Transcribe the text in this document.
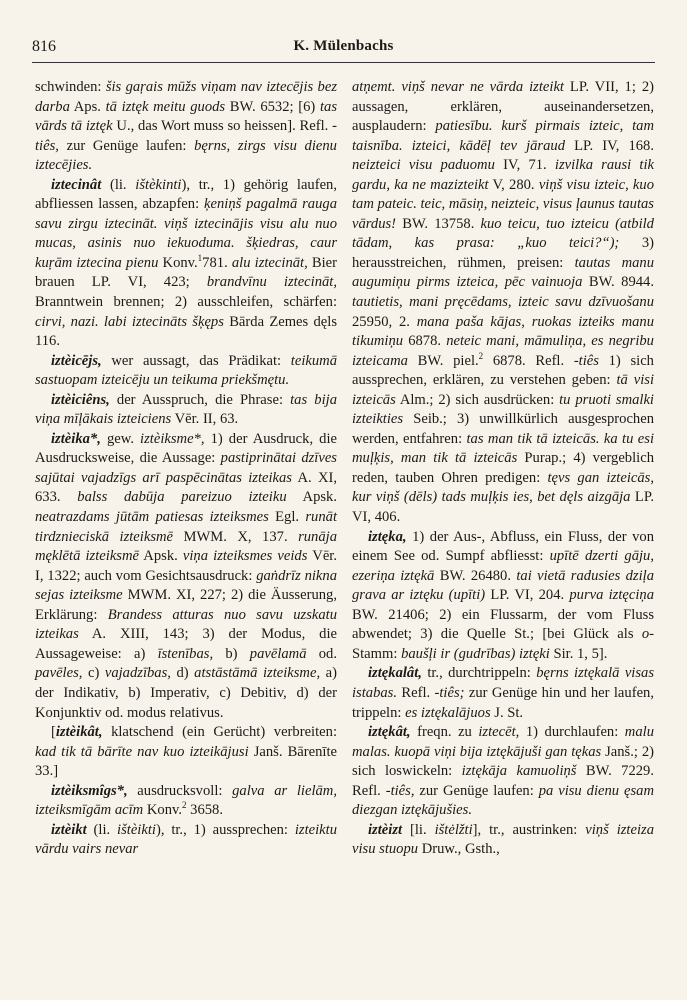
816	K. Mülenbachs

schwinden: šis gaŗais mūžs viņam nav iztecējis bez darba Aps. tā iztęk meitu guods BW. 6532; [6) tas vārds tā iztęk U., das Wort muss so heissen]. Refl. -tiês, zur Genüge laufen: bęrns, zirgs visu dienu iztecējies.

iztecinât (li. ištèkinti), tr., 1) gehörig laufen, abfliessen lassen, abzapfen: ķeniņš pagalmā rauga savu zirgu iztecināt. viņš iztecinājis visu alu nuo mucas, asinis nuo iekuoduma. šķiedras, caur kuŗām iztecina pienu Konv.$^1$781. alu iztecināt, Bier brauen LP. VI, 423; brandvīnu iztecināt, Branntwein brennen; 2) ausschleifen, schärfen: cirvi, nazi. labi iztecināts šķęps Bārda Zemes dęls 116.

iztèicējs, wer aussagt, das Prädikat: teikumā sastuopam izteicēju un teikuma priekšmętu.

iztèiciêns, der Ausspruch, die Phrase: tas bija viņa mīļākais izteiciens Vēr. II, 63.

iztèika*, gew. iztèiksme*, 1) der Ausdruck, die Ausdrucksweise, die Aussage: pastiprinātai dzīves sajūtai vajadzīgs arī paspēcinātas izteikas A. XI, 633. balss dabūja pareizuo izteiku Apsk. neatrazdams jūtām patiesas izteiksmes Egl. runāt tirdznieciskā izteiksmē MWM. X, 137. runāja męklētā izteiksmē Apsk. viņa izteiksmes veids Vēr. I, 1322; auch vom Gesichtsausdruck: gaṅdrīz nikna sejas izteiksme MWM. XI, 227; 2) die Äusserung, Erklärung: Brandess atturas nuo savu uzskatu izteikas A. XIII, 143; 3) der Modus, die Aussageweise: a) īstenības, b) pavēlamā od. pavēles, c) vajadzības, d) atstāstāmā izteiksme, a) der Indikativ, b) Imperativ, c) Debitiv, d) der Konjunktiv od. modus relativus.

[iztèikât, klatschend (ein Gerücht) verbreiten: kad tik tā bārīte nav kuo izteikājusi Janš. Bārenīte 33.]

iztèiksmîgs*, ausdrucksvoll: galva ar lielām, izteiksmīgām acīm Konv.$^2$ 3658.

iztèikt (li. ištèikti), tr., 1) aussprechen: izteiktu vārdu vairs nevar

atņemt. viņš nevar ne vārda izteikt LP. VII, 1; 2) aussagen, erklären, auseinandersetzen, ausplaudern: patiesību. kurš pirmais izteic, tam taisnība. izteici, kādēļ tev jāraud LP. IV, 168. neizteici visu paduomu IV, 71. izvilka rausi tik gardu, ka ne mazizteikt V, 280. viņš visu izteic, kuo tam pateic. teic, māsiņ, neizteic, visus ļaunus tautas vārdus! BW. 13758. kuo teicu, tuo izteicu (atbild tādam, kas prasa: „kuo teici?“); 3) herausstreichen, rühmen, preisen: tautas manu augumiņu pirms izteica, pēc vainuoja BW. 8944. tautietis, mani pręcēdams, izteic savu dzīvuošanu 25950, 2. mana paša kājas, ruokas izteiks manu tikumiņu 6878. neteic mani, māmuliņa, es negribu izteicama BW. piel.$^2$ 6878. Refl. -tiês 1) sich aussprechen, erklären, zu verstehen geben: tā visi izteicās Alm.; 2) sich ausdrücken: tu pruoti smalki izteikties Seib.; 3) unwillkürlich ausgesprochen werden, entfahren: tas man tik tā izteicās. ka tu esi muļķis, man tik tā izteicās Purap.; 4) vergeblich reden, tauben Ohren predigen: tęvs gan izteicās, kur viņš (dēls) tads muļķis ies, bet dęls aizgāja LP. VI, 406.

iztęka, 1) der Aus-, Abfluss, ein Fluss, der von einem See od. Sumpf abfliesst: upītē dzerti gāju, ezeriņa iztękā BW. 26480. tai vietā radusies dziļa grava ar iztęku (upīti) LP. VI, 204. purva iztęciņa BW. 21406; 2) ein Flussarm, der vom Fluss abwendet; 3) die Quelle St.; [bei Glück als o-Stamm: baušļi ir (gudrības) iztęki Sir. 1, 5].

iztękalât, tr., durchtrippeln: bęrns iztękalā visas istabas. Refl. -tiês; zur Genüge hin und her laufen, trippeln: es iztękalājuos J. St.

iztękât, freqn. zu iztecēt, 1) durchlaufen: malu malas. kuopā viņi bija iztękājuši gan tękas Janš.; 2) sich loswickeln: iztękāja kamuoliņš BW. 7229. Refl. -tiês, zur Genüge laufen: pa visu dienu ęsam diezgan iztękājušies.

iztèizt [li. ištėlžti], tr., austrinken: viņš izteiza visu stuopu Druw., Gsth.,
